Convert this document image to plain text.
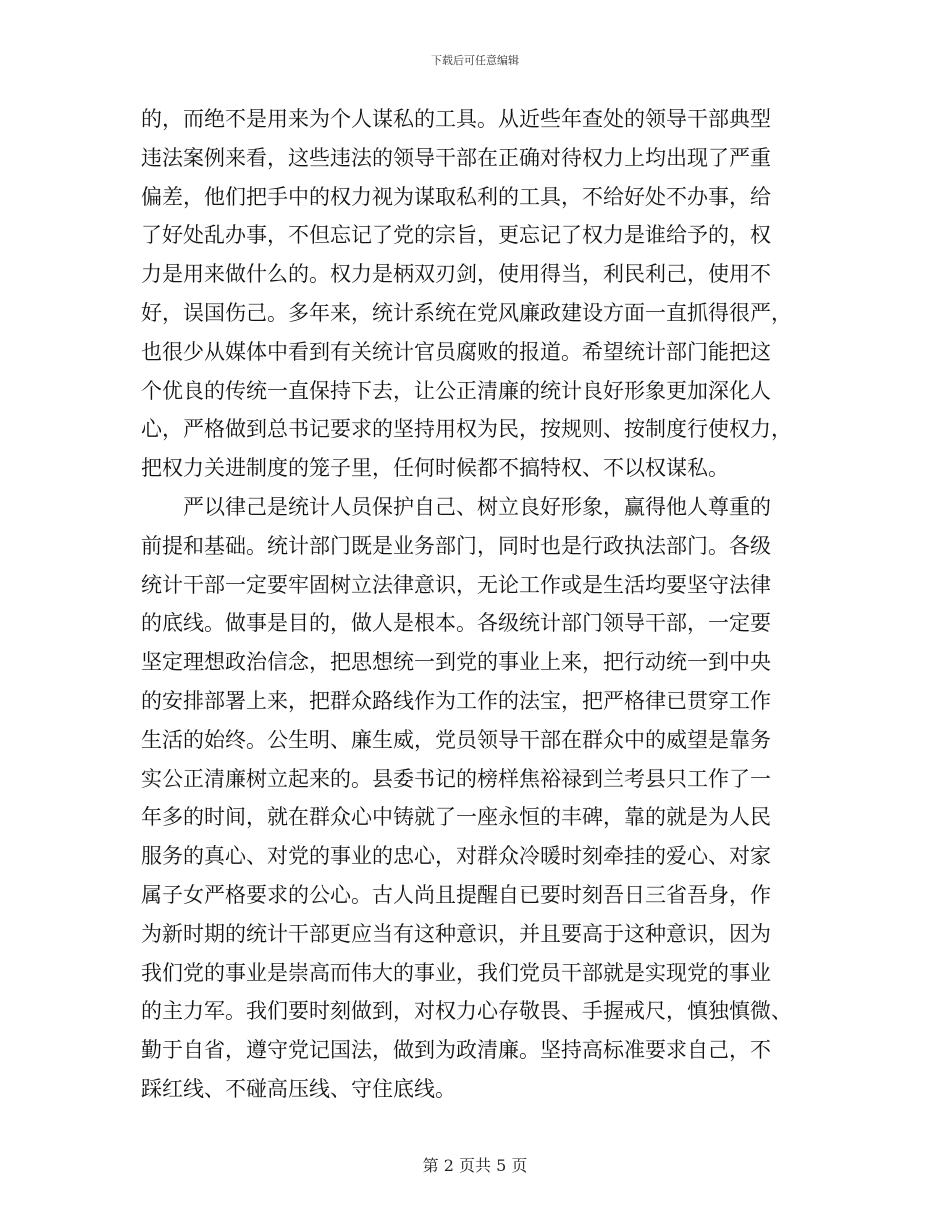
下载后可任意编辑
的，而绝不是用来为个人谋私的工具。从近些年查处的领导干部典型
违法案例来看，这些违法的领导干部在正确对待权力上均出现了严重
偏差，他们把手中的权力视为谋取私利的工具，不给好处不办事，给
了好处乱办事，不但忘记了党的宗旨，更忘记了权力是谁给予的，权
力是用来做什么的。权力是柄双刃剑，使用得当，利民利己，使用不
好，误国伤己。多年来，统计系统在党风廉政建设方面一直抓得很严，
也很少从媒体中看到有关统计官员腐败的报道。希望统计部门能把这
个优良的传统一直保持下去，让公正清廉的统计良好形象更加深化人
心，严格做到总书记要求的坚持用权为民，按规则、按制度行使权力，
把权力关进制度的笼子里，任何时候都不搞特权、不以权谋私。
严以律己是统计人员保护自己、树立良好形象，赢得他人尊重的
前提和基础。统计部门既是业务部门，同时也是行政执法部门。各级
统计干部一定要牢固树立法律意识，无论工作或是生活均要坚守法律
的底线。做事是目的，做人是根本。各级统计部门领导干部，一定要
坚定理想政治信念，把思想统一到党的事业上来，把行动统一到中央
的安排部署上来，把群众路线作为工作的法宝，把严格律已贯穿工作
生活的始终。公生明、廉生威，党员领导干部在群众中的威望是靠务
实公正清廉树立起来的。县委书记的榜样焦裕禄到兰考县只工作了一
年多的时间，就在群众心中铸就了一座永恒的丰碑，靠的就是为人民
服务的真心、对党的事业的忠心，对群众冷暖时刻牵挂的爱心、对家
属子女严格要求的公心。古人尚且提醒自已要时刻吾日三省吾身，作
为新时期的统计干部更应当有这种意识，并且要高于这种意识，因为
我们党的事业是崇高而伟大的事业，我们党员干部就是实现党的事业
的主力军。我们要时刻做到，对权力心存敬畏、手握戒尺，慎独慎微、
勤于自省，遵守党记国法，做到为政清廉。坚持高标准要求自己，不
踩红线、不碰高压线、守住底线。
第 2 页共 5 页
